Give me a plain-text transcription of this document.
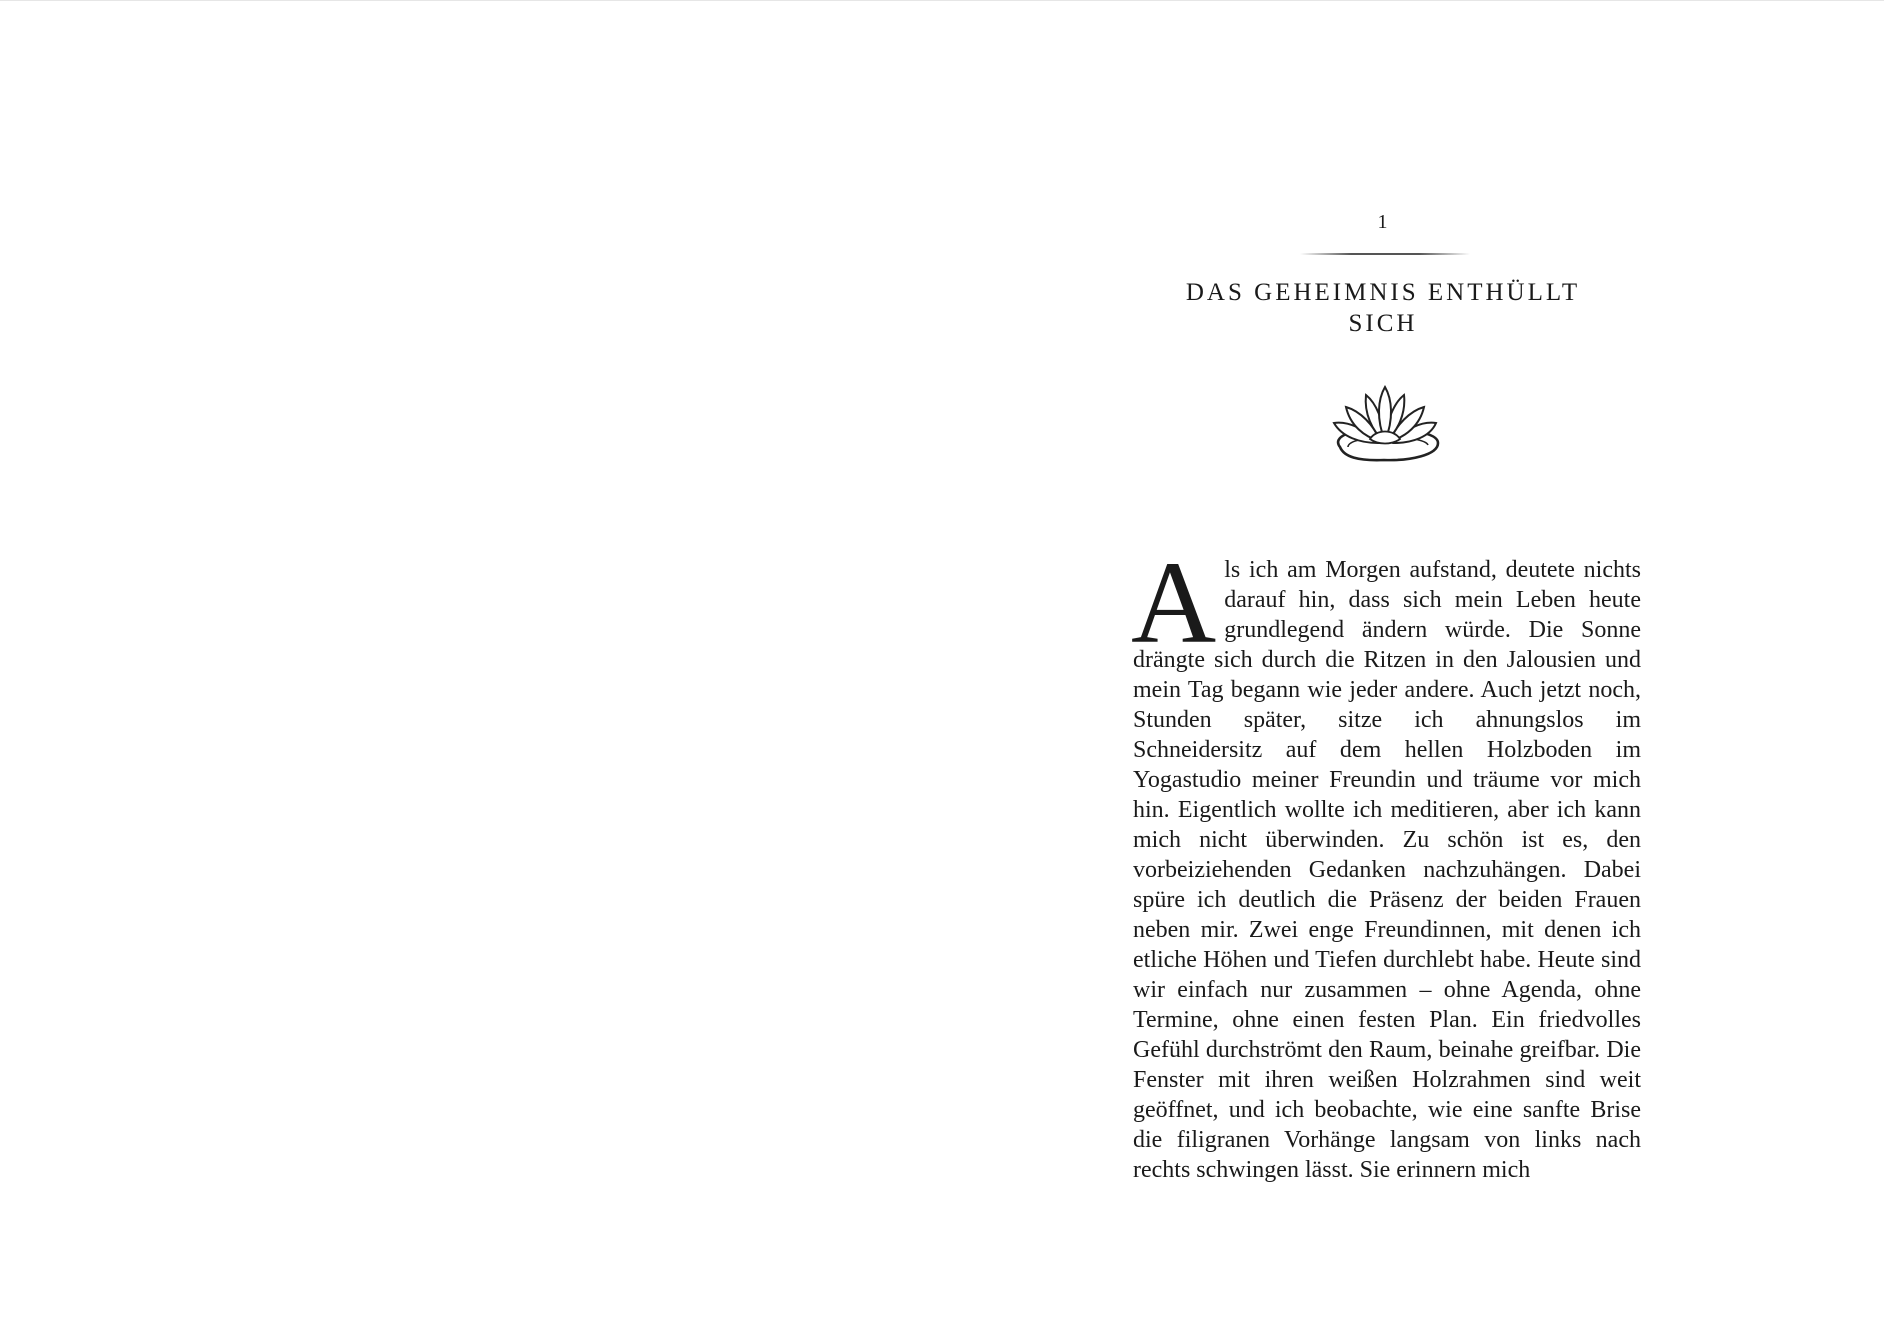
1
DAS GEHEIMNIS ENTHÜLLT
SICH

Als ich am Morgen aufstand, deutete nichts darauf hin, dass sich mein Leben heute grundlegend ändern würde. Die Sonne drängte sich durch die Ritzen in den Jalousien und mein Tag begann wie jeder andere. Auch jetzt noch, Stunden später, sitze ich ahnungslos im Schneidersitz auf dem hellen Holzboden im Yogastudio meiner Freundin und träume vor mich hin. Eigentlich wollte ich meditieren, aber ich kann mich nicht überwinden. Zu schön ist es, den vorbeiziehenden Gedanken nachzuhängen. Dabei spüre ich deutlich die Präsenz der beiden Frauen neben mir. Zwei enge Freundinnen, mit denen ich etliche Höhen und Tiefen durchlebt habe. Heute sind wir einfach nur zusammen – ohne Agenda, ohne Termine, ohne einen festen Plan. Ein friedvolles Gefühl durchströmt den Raum, beinahe greifbar. Die Fenster mit ihren weißen Holzrahmen sind weit geöffnet, und ich beobachte, wie eine sanfte Brise die filigranen Vorhänge langsam von links nach rechts schwingen lässt. Sie erinnern mich
